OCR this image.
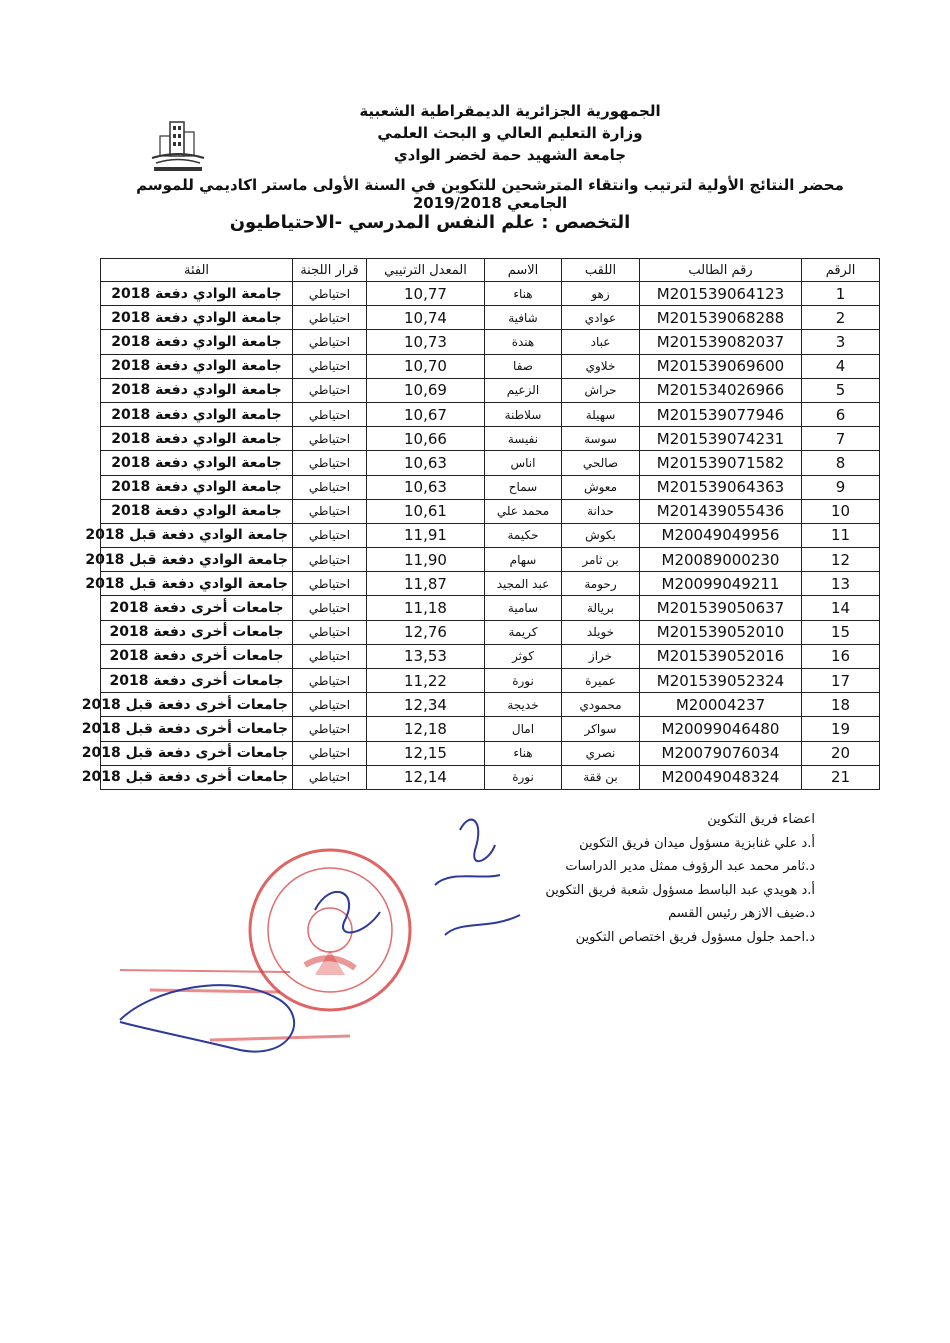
الجمهورية الجزائرية الديمقراطية الشعبية
وزارة التعليم العالي و البحث العلمي
جامعة الشهيد حمة لخضر الوادي
محضر النتائج الأولية لترتيب وانتقاء المترشحين للتكوين في السنة الأولى ماستر اكاديمي للموسم الجامعي 2019/2018
التخصص : علم النفس المدرسي -الاحتياطيون
الرقم	رقم الطالب	اللقب	الاسم	المعدل الترتيبي	قرار اللجنة	الفئة
1	M201539064123	زهو	هناء	10,77	احتياطي	جامعة الوادي دفعة 2018
2	M201539068288	عوادي	شافية	10,74	احتياطي	جامعة الوادي دفعة 2018
3	M201539082037	عباد	هندة	10,73	احتياطي	جامعة الوادي دفعة 2018
4	M201539069600	خلاوي	صفا	10,70	احتياطي	جامعة الوادي دفعة 2018
5	M201534026966	حراش	الزعيم	10,69	احتياطي	جامعة الوادي دفعة 2018
6	M201539077946	سهيلة	سلاطنة	10,67	احتياطي	جامعة الوادي دفعة 2018
7	M201539074231	سوسة	نفيسة	10,66	احتياطي	جامعة الوادي دفعة 2018
8	M201539071582	صالحي	اناس	10,63	احتياطي	جامعة الوادي دفعة 2018
9	M201539064363	معوش	سماح	10,63	احتياطي	جامعة الوادي دفعة 2018
10	M201439055436	حدانة	محمد علي	10,61	احتياطي	جامعة الوادي دفعة 2018
11	M20049049956	بكوش	حكيمة	11,91	احتياطي	جامعة الوادي دفعة قبل 2018
12	M20089000230	بن ثامر	سهام	11,90	احتياطي	جامعة الوادي دفعة قبل 2018
13	M20099049211	رحومة	عبد المجيد	11,87	احتياطي	جامعة الوادي دفعة قبل 2018
14	M201539050637	بريالة	سامية	11,18	احتياطي	جامعات أخرى دفعة 2018
15	M201539052010	خويلد	كريمة	12,76	احتياطي	جامعات أخرى دفعة 2018
16	M201539052016	خراز	كوثر	13,53	احتياطي	جامعات أخرى دفعة 2018
17	M201539052324	عميرة	نورة	11,22	احتياطي	جامعات أخرى دفعة 2018
18	M20004237	محمودي	خديجة	12,34	احتياطي	جامعات أخرى دفعة قبل 2018
19	M20099046480	سواكر	امال	12,18	احتياطي	جامعات أخرى دفعة قبل 2018
20	M20079076034	نصري	هناء	12,15	احتياطي	جامعات أخرى دفعة قبل 2018
21	M20049048324	بن ققة	نورة	12,14	احتياطي	جامعات أخرى دفعة قبل 2018
اعضاء فريق التكوين
أ.د علي غنابزية مسؤول ميدان فريق التكوين
د.ثامر محمد عبد الرؤوف ممثل مدير الدراسات
أ.د هويدي عبد الباسط مسؤول شعبة فريق التكوين
د.ضيف الازهر رئيس القسم
د.احمد جلول مسؤول فريق اختصاص التكوين
